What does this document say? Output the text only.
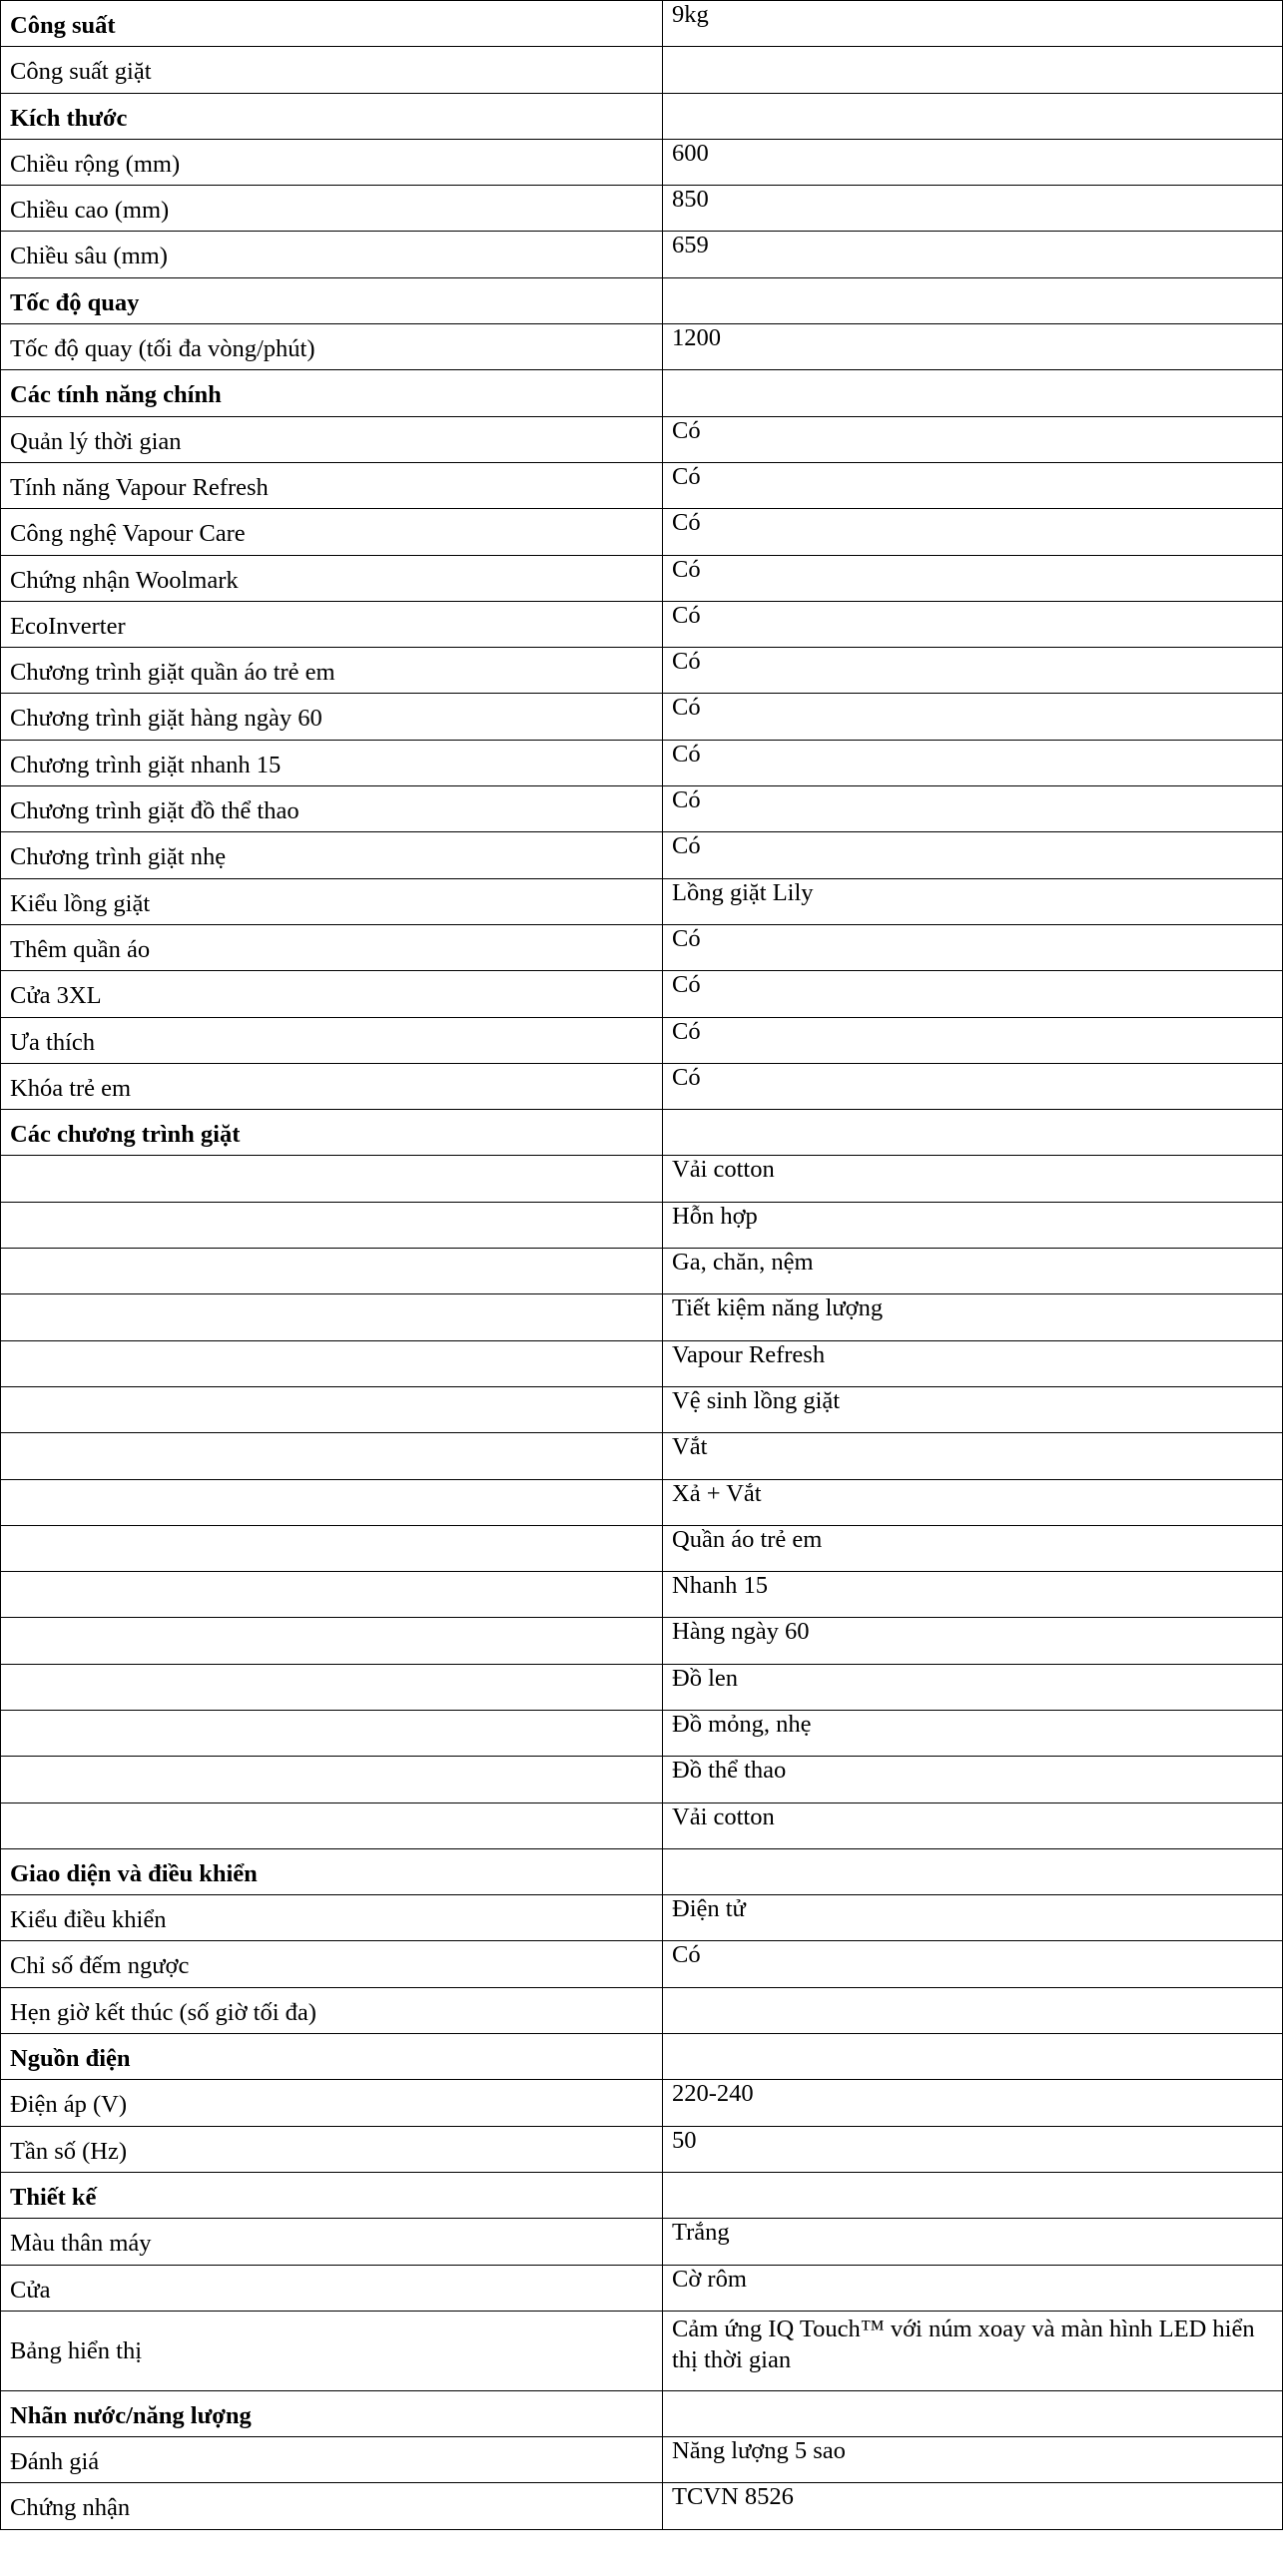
Công suất	9kg
Công suất giặt	
Kích thước	
Chiều rộng (mm)	600
Chiều cao (mm)	850
Chiều sâu (mm)	659
Tốc độ quay	
Tốc độ quay (tối đa vòng/phút)	1200
Các tính năng chính	
Quản lý thời gian	Có
Tính năng Vapour Refresh	Có
Công nghệ Vapour Care	Có
Chứng nhận Woolmark	Có
EcoInverter	Có
Chương trình giặt quần áo trẻ em	Có
Chương trình giặt hàng ngày 60	Có
Chương trình giặt nhanh 15	Có
Chương trình giặt đồ thể thao	Có
Chương trình giặt nhẹ	Có
Kiểu lồng giặt	Lồng giặt Lily
Thêm quần áo	Có
Cửa 3XL	Có
Ưa thích	Có
Khóa trẻ em	Có
Các chương trình giặt	
	Vải cotton
	Hỗn hợp
	Ga, chăn, nệm
	Tiết kiệm năng lượng
	Vapour Refresh
	Vệ sinh lồng giặt
	Vắt
	Xả + Vắt
	Quần áo trẻ em
	Nhanh 15
	Hàng ngày 60
	Đồ len
	Đồ mỏng, nhẹ
	Đồ thể thao
	Vải cotton
Giao diện và điều khiển	
Kiểu điều khiển	Điện tử
Chỉ số đếm ngược	Có
Hẹn giờ kết thúc (số giờ tối đa)	
Nguồn điện	
Điện áp (V)	220-240
Tần số (Hz)	50
Thiết kế	
Màu thân máy	Trắng
Cửa	Cờ rôm
Bảng hiển thị	Cảm ứng IQ Touch™ với núm xoay và màn hình LED hiển thị thời gian
Nhãn nước/năng lượng	
Đánh giá	Năng lượng 5 sao
Chứng nhận	TCVN 8526
